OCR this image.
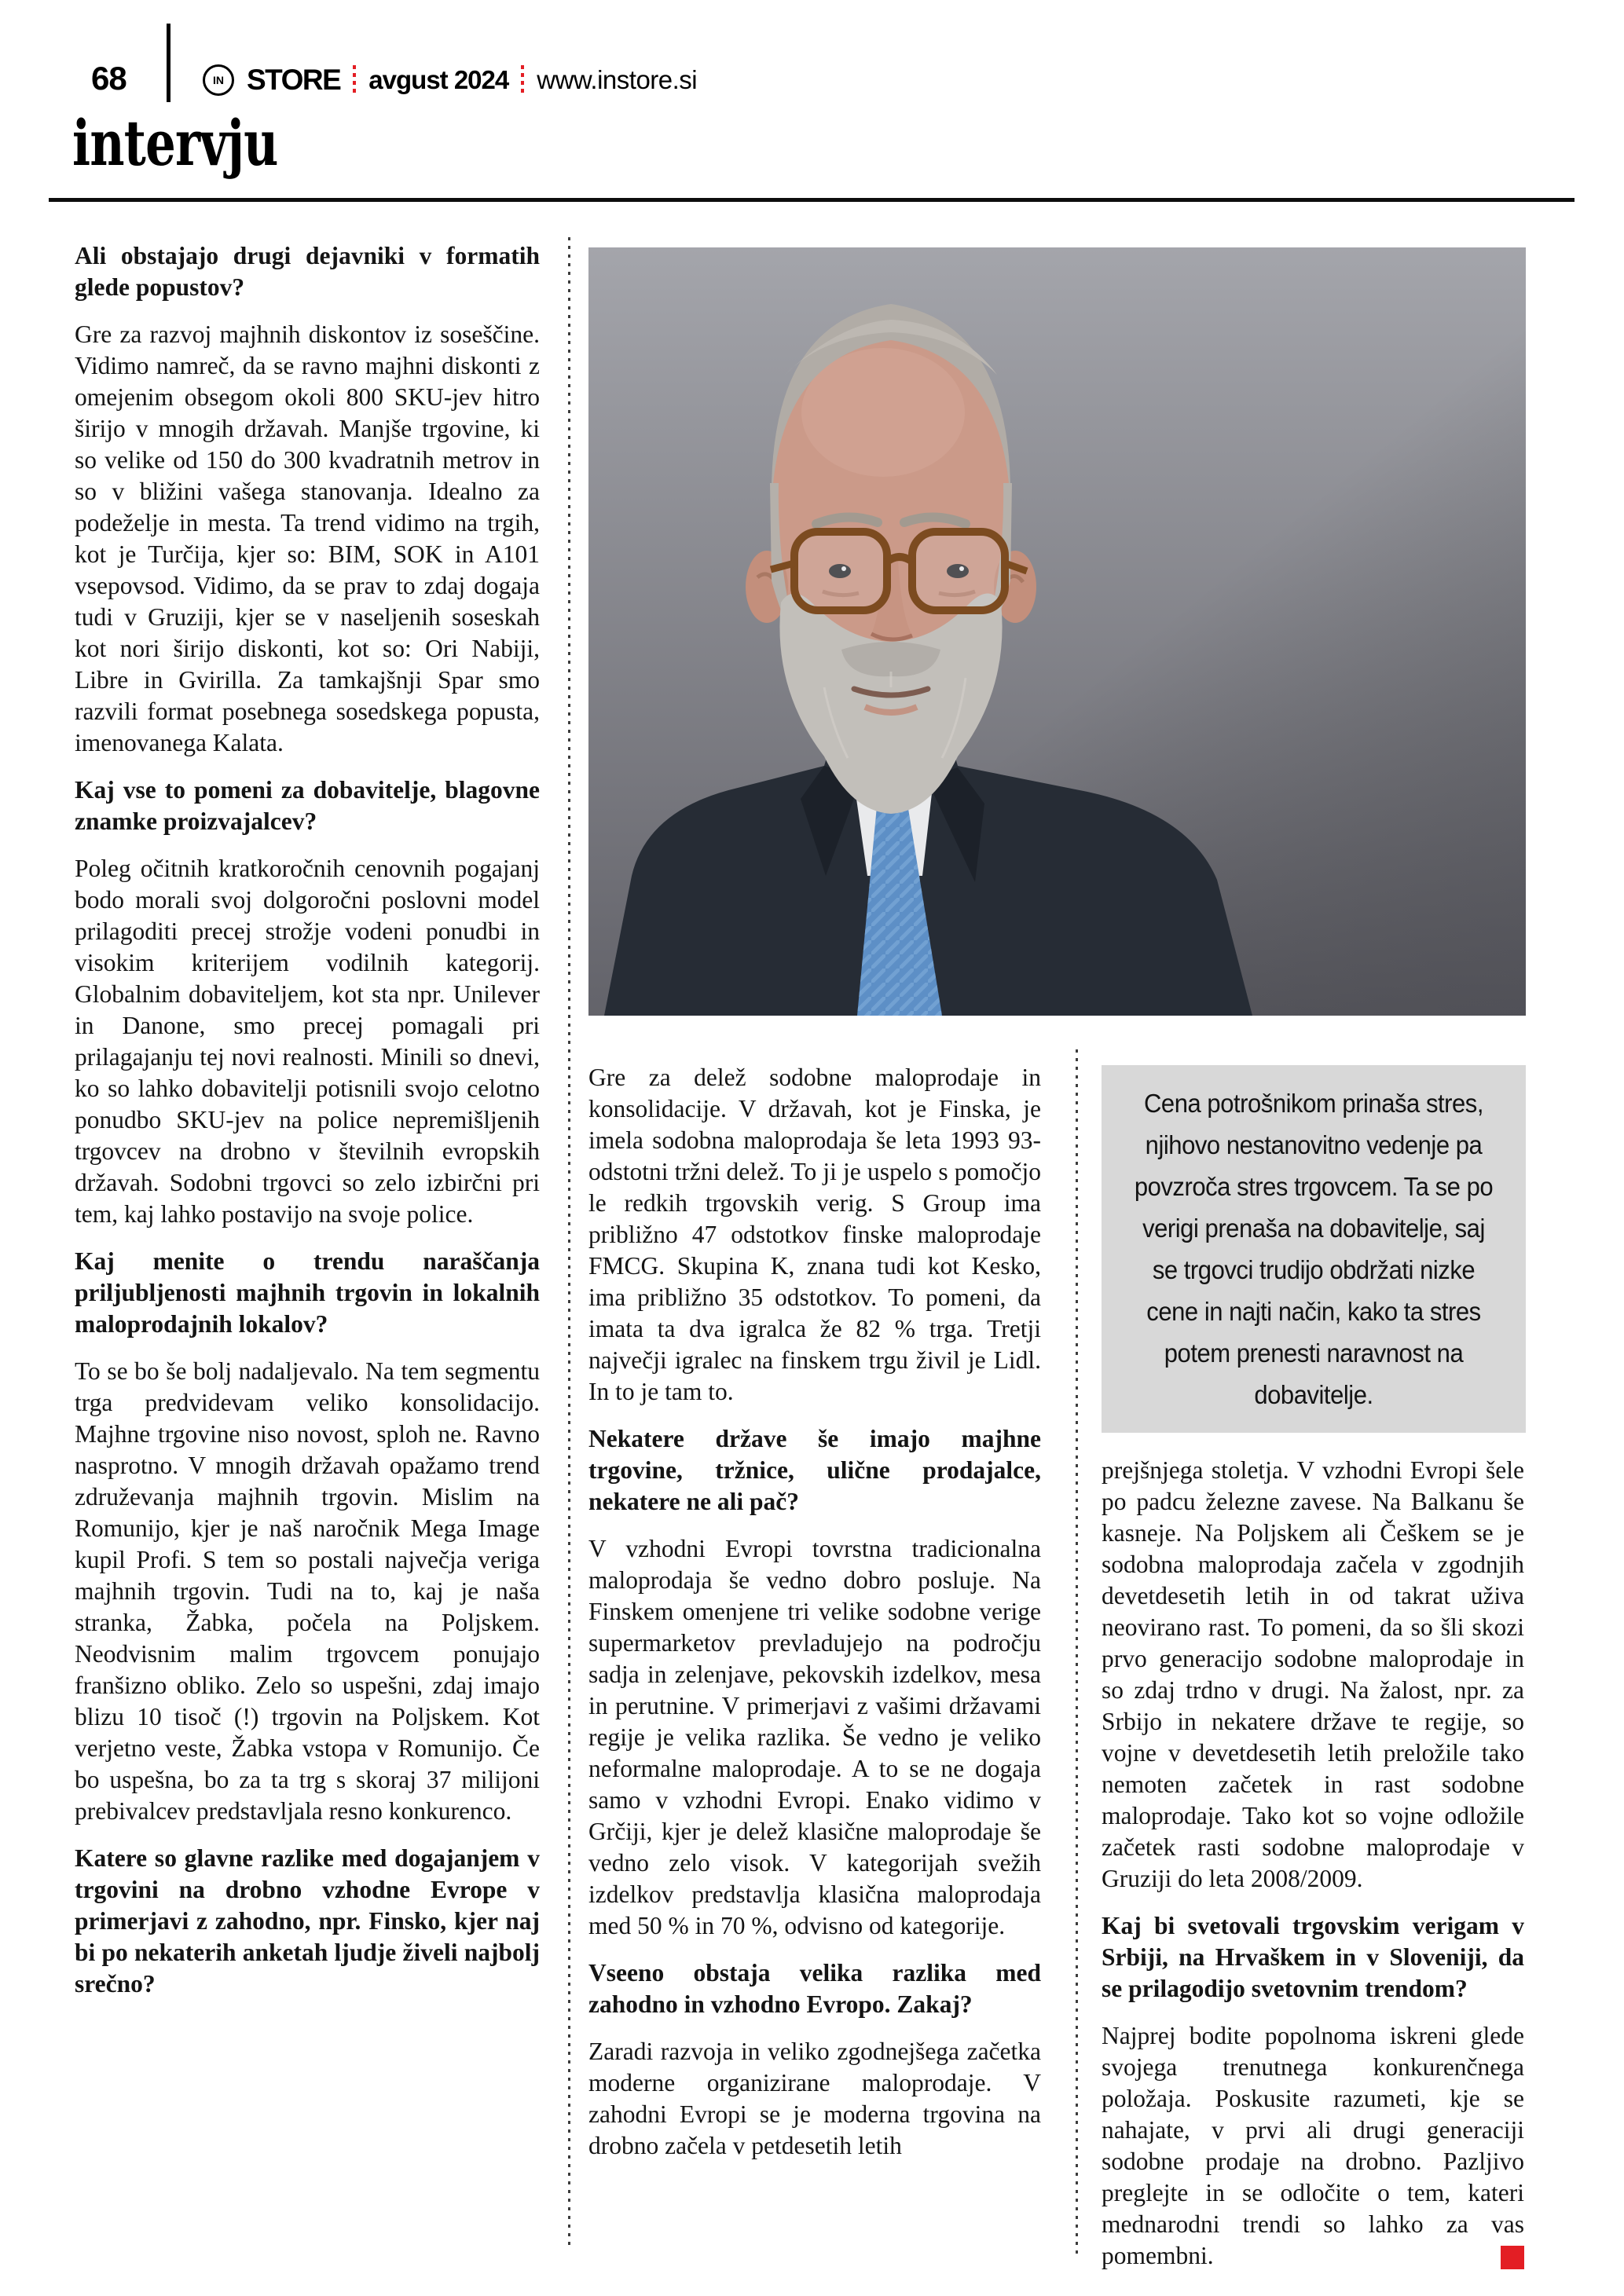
68	IN STORE avgust 2024 www.instore.si
intervju
Cena potrošnikom prinaša stres, njihovo nestanovitno vedenje pa povzroča stres trgovcem. Ta se po verigi prenaša na dobavitelje, saj se trgovci trudijo obdržati nizke cene in najti način, kako ta stres potem prenesti naravnost na dobavitelje.

Ali obstajajo drugi dejavniki v formatih glede popustov?

Gre za razvoj majhnih diskontov iz soseščine. Vidimo namreč, da se ravno majhni diskonti z omejenim obsegom okoli 800 SKU-jev hitro širijo v mnogih državah. Manjše trgovine, ki so velike od 150 do 300 kvadratnih metrov in so v bližini vašega stanovanja. Idealno za podeželje in mesta. Ta trend vidimo na trgih, kot je Turčija, kjer so: BIM, SOK in A101 vsepovsod. Vidimo, da se prav to zdaj dogaja tudi v Gruziji, kjer se v naseljenih soseskah kot nori širijo diskonti, kot so: Ori Nabiji, Libre in Gvirilla. Za tamkajšnji Spar smo razvili format posebnega sosedskega popusta, imenovanega Kalata.

Kaj vse to pomeni za dobavitelje, blagovne znamke proizvajalcev?

Poleg očitnih kratkoročnih cenovnih pogajanj bodo morali svoj dolgoročni poslovni model prilagoditi precej strožje vodeni ponudbi in visokim kriterijem vodilnih kategorij. Globalnim dobaviteljem, kot sta npr. Unilever in Danone, smo precej pomagali pri prilagajanju tej novi realnosti. Minili so dnevi, ko so lahko dobavitelji potisnili svojo celotno ponudbo SKU-jev na police nepremišljenih trgovcev na drobno v številnih evropskih državah. Sodobni trgovci so zelo izbirčni pri tem, kaj lahko postavijo na svoje police.

Kaj menite o trendu naraščanja priljubljenosti majhnih trgovin in lokalnih maloprodajnih lokalov?

To se bo še bolj nadaljevalo. Na tem segmentu trga predvidevam veliko konsolidacijo. Majhne trgovine niso novost, sploh ne. Ravno nasprotno. V mnogih državah opažamo trend združevanja majhnih trgovin. Mislim na Romunijo, kjer je naš naročnik Mega Image kupil Profi. S tem so postali največja veriga majhnih trgovin. Tudi na to, kaj je naša stranka, Žabka, počela na Poljskem. Neodvisnim malim trgovcem ponujajo franšizno obliko. Zelo so uspešni, zdaj imajo blizu 10 tisoč (!) trgovin na Poljskem. Kot verjetno veste, Žabka vstopa v Romunijo. Če bo uspešna, bo za ta trg s skoraj 37 milijoni prebivalcev predstavljala resno konkurenco.

Katere so glavne razlike med dogajanjem v trgovini na drobno vzhodne Evrope v primerjavi z zahodno, npr. Finsko, kjer naj bi po nekaterih anketah ljudje živeli najbolj srečno?

Gre za delež sodobne maloprodaje in konsolidacije. V državah, kot je Finska, je imela sodobna maloprodaja še leta 1993 93-odstotni tržni delež. To ji je uspelo s pomočjo le redkih trgovskih verig. S Group ima približno 47 odstotkov finske maloprodaje FMCG. Skupina K, znana tudi kot Kesko, ima približno 35 odstotkov. To pomeni, da imata ta dva igralca že 82 % trga. Tretji največji igralec na finskem trgu živil je Lidl. In to je tam to.

Nekatere države še imajo majhne trgovine, tržnice, ulične prodajalce, nekatere ne ali pač?

V vzhodni Evropi tovrstna tradicionalna maloprodaja še vedno dobro posluje. Na Finskem omenjene tri velike sodobne verige supermarketov prevladujejo na področju sadja in zelenjave, pekovskih izdelkov, mesa in perutnine. V primerjavi z vašimi državami regije je velika razlika. Še vedno je veliko neformalne maloprodaje. A to se ne dogaja samo v vzhodni Evropi. Enako vidimo v Grčiji, kjer je delež klasične maloprodaje še vedno zelo visok. V kategorijah svežih izdelkov predstavlja klasična maloprodaja med 50 % in 70 %, odvisno od kategorije.

Vseeno obstaja velika razlika med zahodno in vzhodno Evropo. Zakaj?

Zaradi razvoja in veliko zgodnejšega začetka moderne organizirane maloprodaje. V zahodni Evropi se je moderna trgovina na drobno začela v petdesetih letih

prejšnjega stoletja. V vzhodni Evropi šele po padcu železne zavese. Na Balkanu še kasneje. Na Poljskem ali Češkem se je sodobna maloprodaja začela v zgodnjih devetdesetih letih in od takrat uživa neovirano rast. To pomeni, da so šli skozi prvo generacijo sodobne maloprodaje in so zdaj trdno v drugi. Na žalost, npr. za Srbijo in nekatere države te regije, so vojne v devetdesetih letih preložile tako nemoten začetek in rast sodobne maloprodaje. Tako kot so vojne odložile začetek rasti sodobne maloprodaje v Gruziji do leta 2008/2009.

Kaj bi svetovali trgovskim verigam v Srbiji, na Hrvaškem in v Sloveniji, da se prilagodijo svetovnim trendom?

Najprej bodite popolnoma iskreni glede svojega trenutnega konkurenčnega položaja. Poskusite razumeti, kje se nahajate, v prvi ali drugi generaciji sodobne prodaje na drobno. Pazljivo preglejte in se odločite o tem, kateri mednarodni trendi so lahko za vas pomembni.
